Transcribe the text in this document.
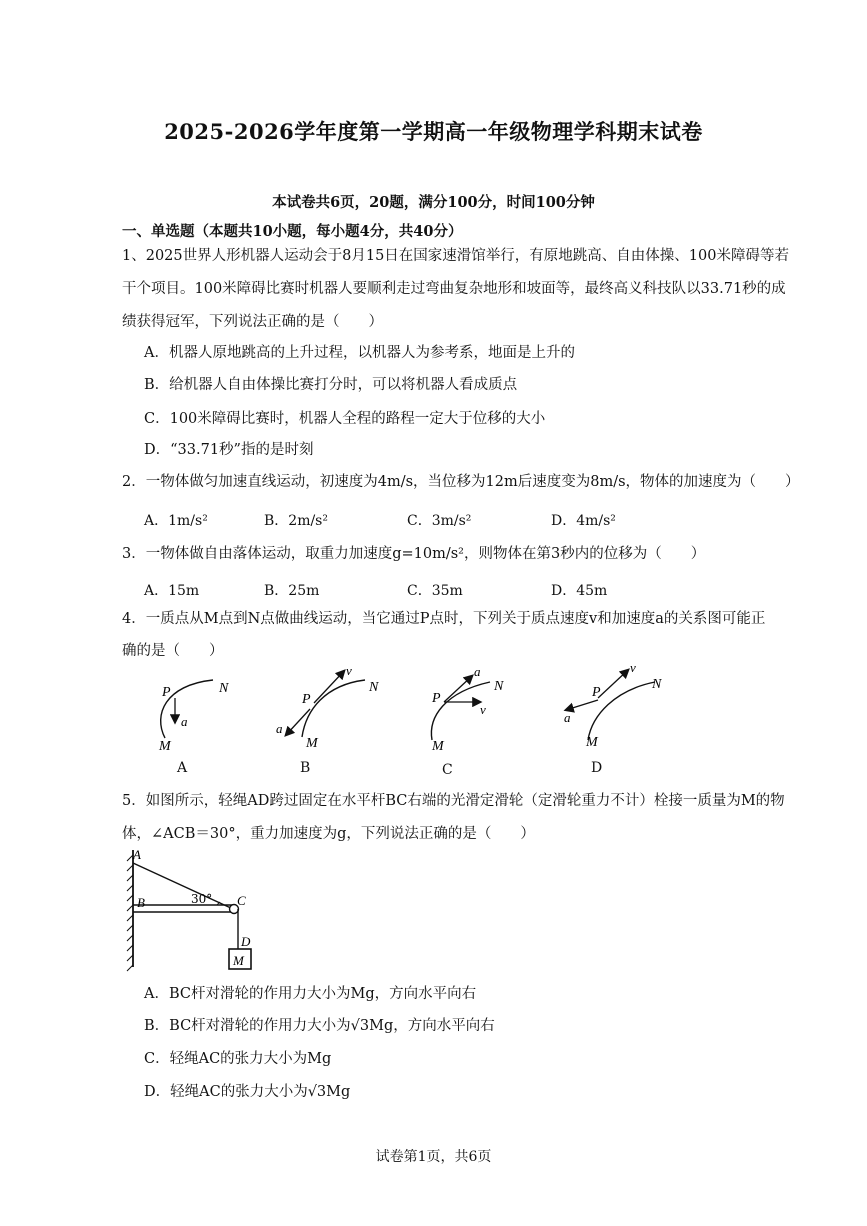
2025-2026学年度第一学期高一年级物理学科期末试卷
本试卷共6页，20题，满分100分，时间100分钟
一、单选题（本题共10小题，每小题4分，共40分）
1、2025世界人形机器人运动会于8月15日在国家速滑馆举行，有原地跳高、自由体操、100米障碍等若
干个项目。100米障碍比赛时机器人要顺利走过弯曲复杂地形和坡面等，最终高义科技队以33.71秒的成
绩获得冠军，下列说法正确的是（　　）
A．机器人原地跳高的上升过程，以机器人为参考系，地面是上升的
B．给机器人自由体操比赛打分时，可以将机器人看成质点
C．100米障碍比赛时，机器人全程的路程一定大于位移的大小
D．“33.71秒”指的是时刻
2．一物体做匀加速直线运动，初速度为4m/s，当位移为12m后速度变为8m/s，物体的加速度为（　　）
A．1m/s²	B．2m/s²	C．3m/s²	D．4m/s²
3．一物体做自由落体运动，取重力加速度g=10m/s²，则物体在第3秒内的位移为（　　）
A．15m	B．25m	C．35m	D．45m
4．一质点从M点到N点做曲线运动，当它通过P点时，下列关于质点速度v和加速度a的关系图可能正
确的是（　　）
P	N
M
a
A
P
N
M
a
v
B
P
N
M
a
v
C
P
N
M
a
v
D
5．如图所示，轻绳AD跨过固定在水平杆BC右端的光滑定滑轮（定滑轮重力不计）栓接一质量为M的物
体，∠ACB＝30°，重力加速度为g，下列说法正确的是（　　）
A
B	C
D
M
30°
A．BC杆对滑轮的作用力大小为Mg，方向水平向右
B．BC杆对滑轮的作用力大小为√3Mg，方向水平向右
C．轻绳AC的张力大小为Mg
D．轻绳AC的张力大小为√3Mg
试卷第1页，共6页
